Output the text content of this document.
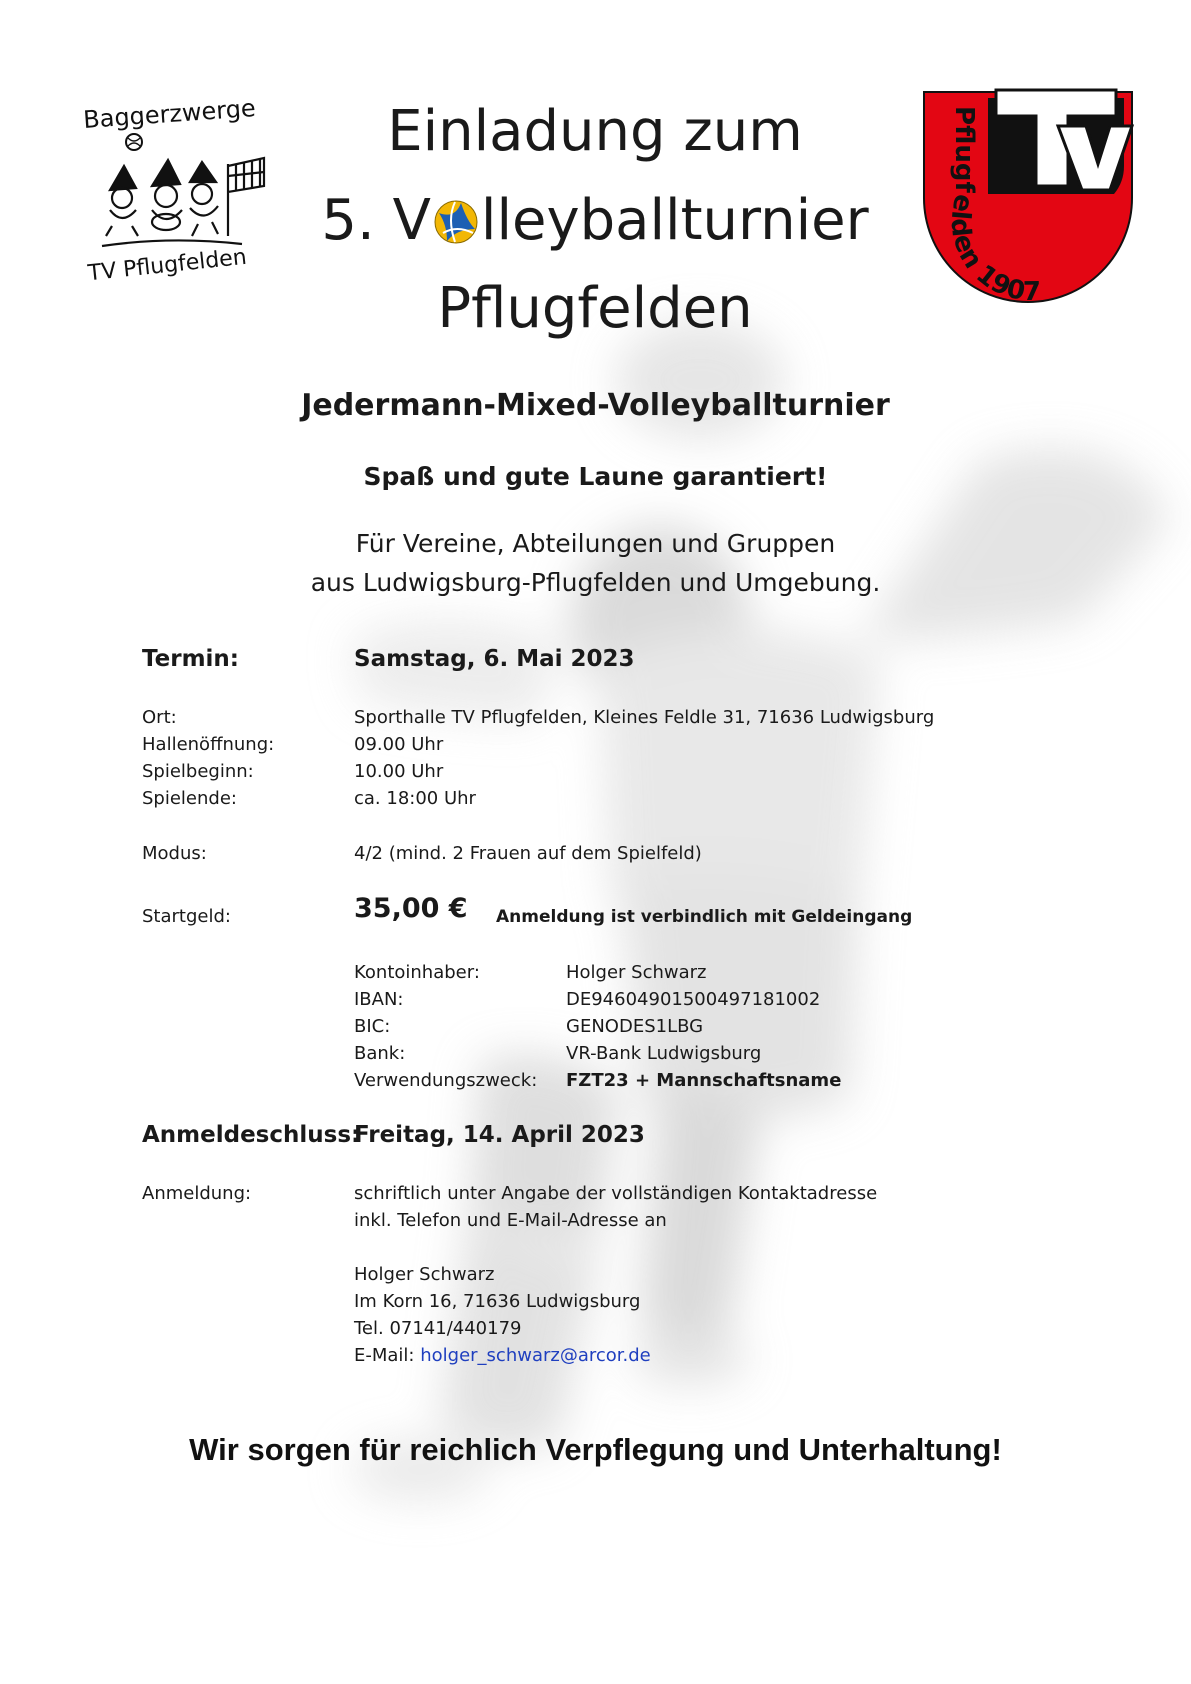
Baggerzwerge
TV Pflugfelden
Pflugfelden 1907
Einladung zum
5. V lleyballturnier
Pflugfelden
Jedermann-Mixed-Volleyballturnier
Spaß und gute Laune garantiert!
Für Vereine, Abteilungen und Gruppen
aus Ludwigsburg-Pflugfelden und Umgebung.
Termin:	Samstag, 6. Mai 2023
Ort:	Sporthalle TV Pflugfelden, Kleines Feldle 31, 71636 Ludwigsburg
Hallenöffnung:	09.00 Uhr
Spielbeginn:	10.00 Uhr
Spielende:	ca. 18:00 Uhr
Modus:	4/2 (mind. 2 Frauen auf dem Spielfeld)
Startgeld:	35,00 € Anmeldung ist verbindlich mit Geldeingang
Kontoinhaber:	Holger Schwarz
IBAN:	DE94604901500497181002
BIC:	GENODES1LBG
Bank:	VR-Bank Ludwigsburg
Verwendungszweck: FZT23 + Mannschaftsname
Anmeldeschluss:
Freitag, 14. April 2023
Anmeldung:	schriftlich unter Angabe der vollständigen Kontaktadresse
inkl. Telefon und E-Mail-Adresse an
Holger Schwarz
Im Korn 16, 71636 Ludwigsburg
Tel. 07141/440179
E-Mail: holger_schwarz@arcor.de
Wir sorgen für reichlich Verpflegung und Unterhaltung!
